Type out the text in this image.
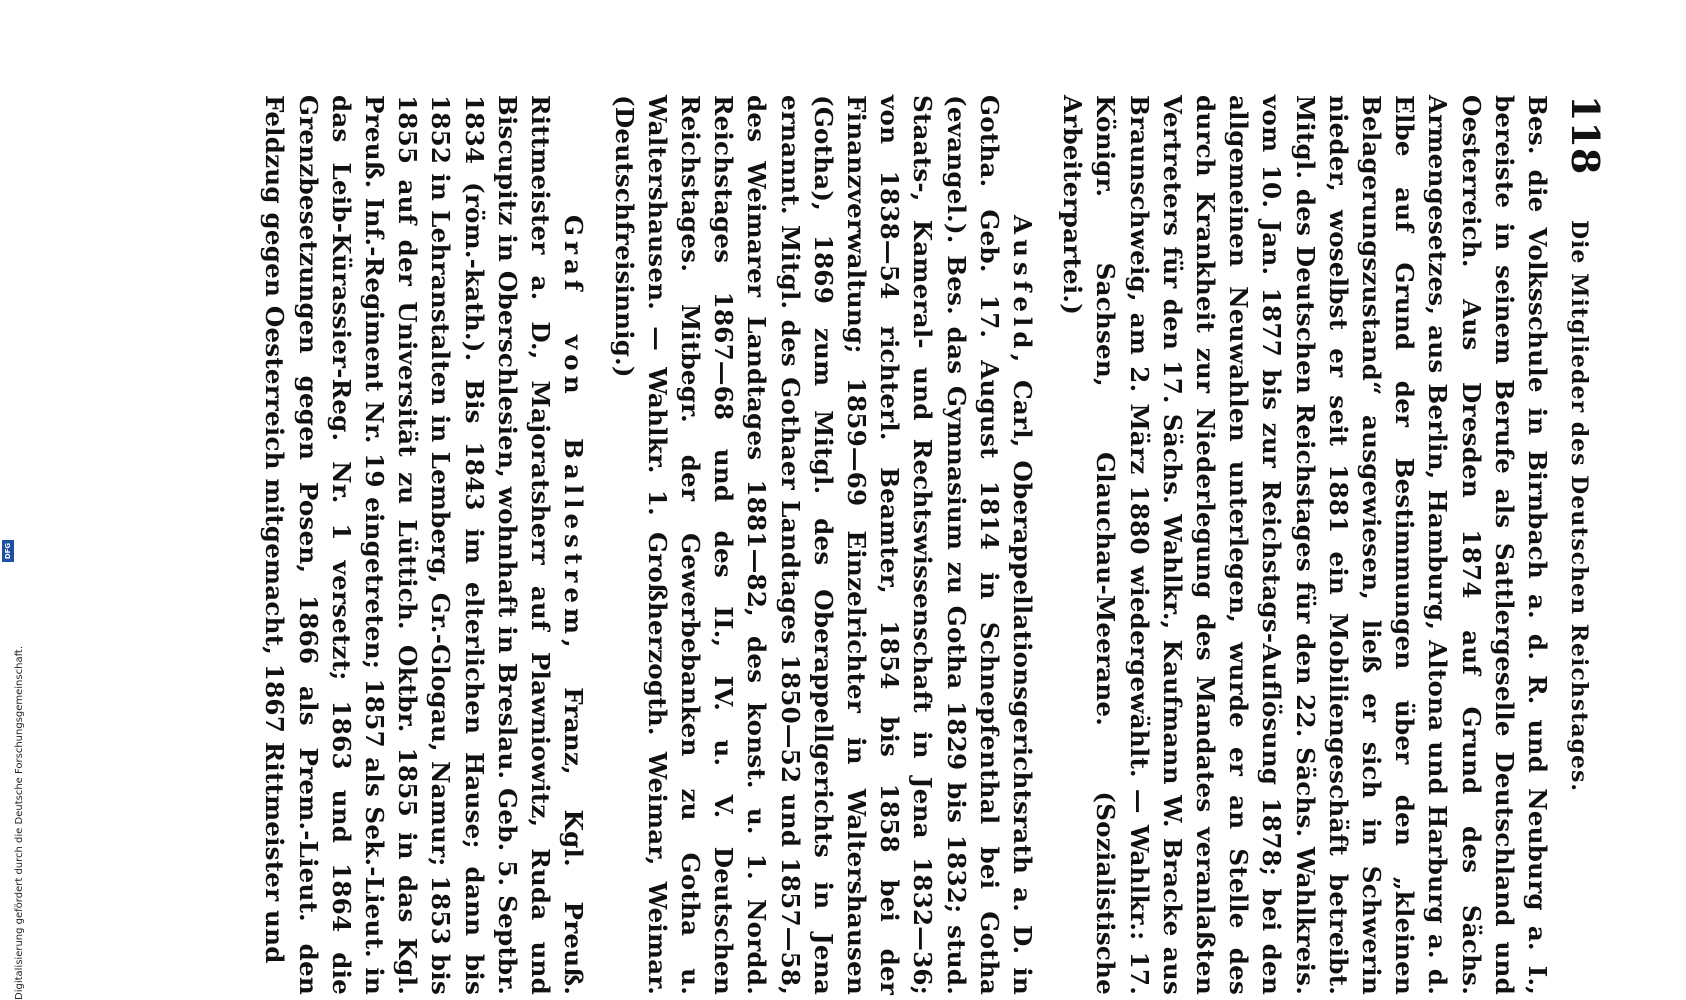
118
Die Mitglieder des Deutschen Reichstages.

Bes. die Volksschule in Birnbach a. d. R. und Neuburg a. I., bereiste in seinem Berufe als Sattlergeselle Deutschland und Oesterreich. Aus Dresden 1874 auf Grund des Sächs. Armengesetzes, aus Berlin, Hamburg, Altona und Harburg a. d. Elbe auf Grund der Bestimmungen über den „kleinen Belagerungszustand“ ausgewiesen, ließ er sich in Schwerin nieder, woselbst er seit 1881 ein Mobiliengeschäft betreibt. Mitgl. des Deutschen Reichstages für den 22. Sächs. Wahlkreis. vom 10. Jan. 1877 bis zur Reichstags-Auflösung 1878; bei den allgemeinen Neuwahlen unterlegen, wurde er an Stelle des durch Krankheit zur Niederlegung des Mandates veranlaßten Vertreters für den 17. Sächs. Wahlkr., Kaufmann W. Bracke aus Braunschweig, am 2. März 1880 wiedergewählt. — Wahlkr.: 17. Königr. Sachsen, Glauchau-Meerane. (Sozialistische Arbeiterpartei.)

Ausfeld, Carl, Oberappellationsgerichtsrath a. D. in Gotha. Geb. 17. August 1814 in Schnepfenthal bei Gotha (evangel.). Bes. das Gymnasium zu Gotha 1829 bis 1832; stud. Staats-, Kameral- und Rechtswissenschaft in Jena 1832—36; von 1838—54 richterl. Beamter, 1854 bis 1858 bei der Finanzverwaltung; 1859—69 Einzelrichter in Waltershausen (Gotha), 1869 zum Mitgl. des Oberappellgerichts in Jena ernannt. Mitgl. des Gothaer Landtages 1850—52 und 1857—58, des Weimarer Landtages 1881—82, des konst. u. 1. Nordd. Reichstages 1867—68 und des II., IV. u. V. Deutschen Reichstages. Mitbegr. der Gewerbebanken zu Gotha u. Waltershausen. — Wahlkr. 1. Großherzogth. Weimar, Weimar. (Deutschfreisinnig.)

Graf von Ballestrem, Franz, Kgl. Preuß. Rittmeister a. D., Majoratsherr auf Plawniowitz, Ruda und Biscupitz in Oberschlesien, wohnhaft in Breslau. Geb. 5. Septbr. 1834 (röm.-kath.). Bis 1843 im elterlichen Hause; dann bis 1852 in Lehranstalten in Lemberg, Gr.-Glogau, Namur; 1853 bis 1855 auf der Universität zu Lüttich. Oktbr. 1855 in das Kgl. Preuß. Inf.-Regiment Nr. 19 eingetreten; 1857 als Sek.-Lieut. in das Leib-Kürassier-Reg. Nr. 1 versetzt; 1863 und 1864 die Grenzbesetzungen gegen Posen, 1866 als Prem.-Lieut. den Feldzug gegen Oesterreich mitgemacht, 1867 Rittmeister und

Digitalisierung gefördert durch die Deutsche Forschungsgemeinschaft.
DFG
